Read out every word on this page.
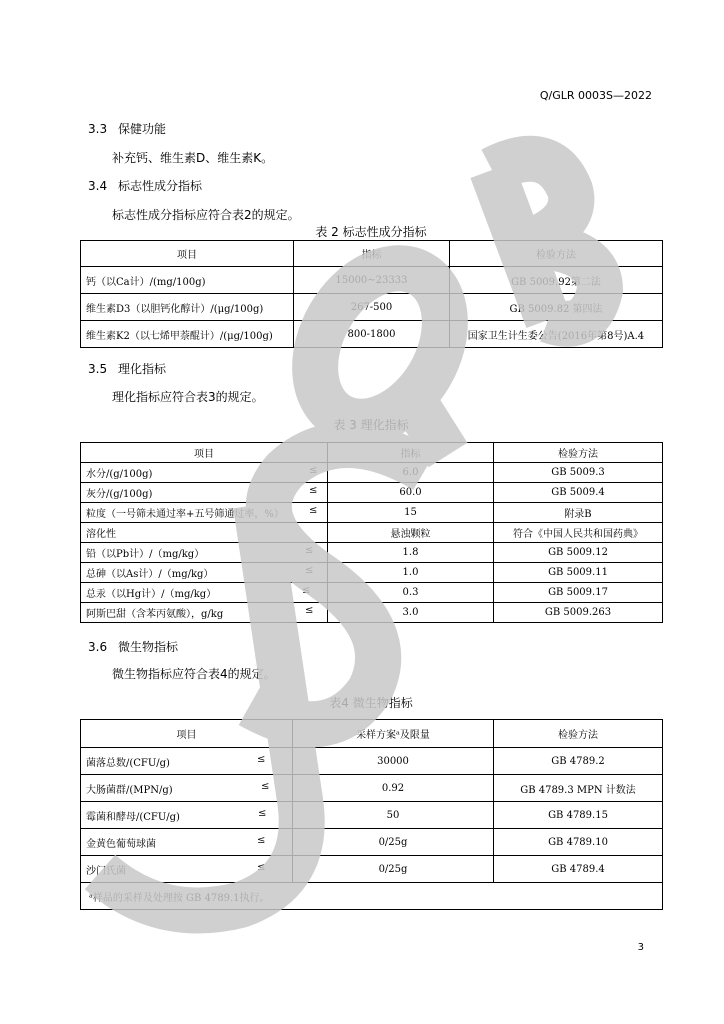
Q/GLR 0003S—2022
3.3 保健功能
补充钙、维生素D、维生素K。
3.4 标志性成分指标
标志性成分指标应符合表2的规定。
表 2 标志性成分指标
项目	指标	检验方法
钙（以Ca计）/(mg/100g)	15000~23333	GB 5009.92第二法
维生素D3（以胆钙化醇计）/(μg/100g)	267-500	GB 5009.82 第四法
维生素K2（以七烯甲萘醌计）/(μg/100g)	800-1800	国家卫生计生委公告(2016年第8号)A.4
3.5 理化指标
理化指标应符合表3的规定。
表 3 理化指标
项目	指标	检验方法
水分/(g/100g) ≤	6.0	GB 5009.3
灰分/(g/100g) ≤	60.0	GB 5009.4
粒度（一号筛未通过率+五号筛通过率，%） ≤	15	附录B
溶化性	悬浊颗粒	符合《中国人民共和国药典》
铅（以Pb计）/（mg/kg） ≤	1.8	GB 5009.12
总砷（以As计）/（mg/kg） ≤	1.0	GB 5009.11
总汞（以Hg计）/（mg/kg） ≤	0.3	GB 5009.17
阿斯巴甜（含苯丙氨酸），g/kg ≤	3.0	GB 5009.263
3.6 微生物指标
微生物指标应符合表4的规定。
表4 微生物指标
项目	采样方案ᵃ及限量	检验方法
菌落总数/(CFU/g) ≤	30000	GB 4789.2
大肠菌群/(MPN/g) ≤	0.92	GB 4789.3 MPN 计数法
霉菌和酵母/(CFU/g) ≤	50	GB 4789.15
金黄色葡萄球菌 ≤	0/25g	GB 4789.10
沙门氏菌 ≤	0/25g	GB 4789.4
ᵃ样品的采样及处理按 GB 4789.1执行。		
3
